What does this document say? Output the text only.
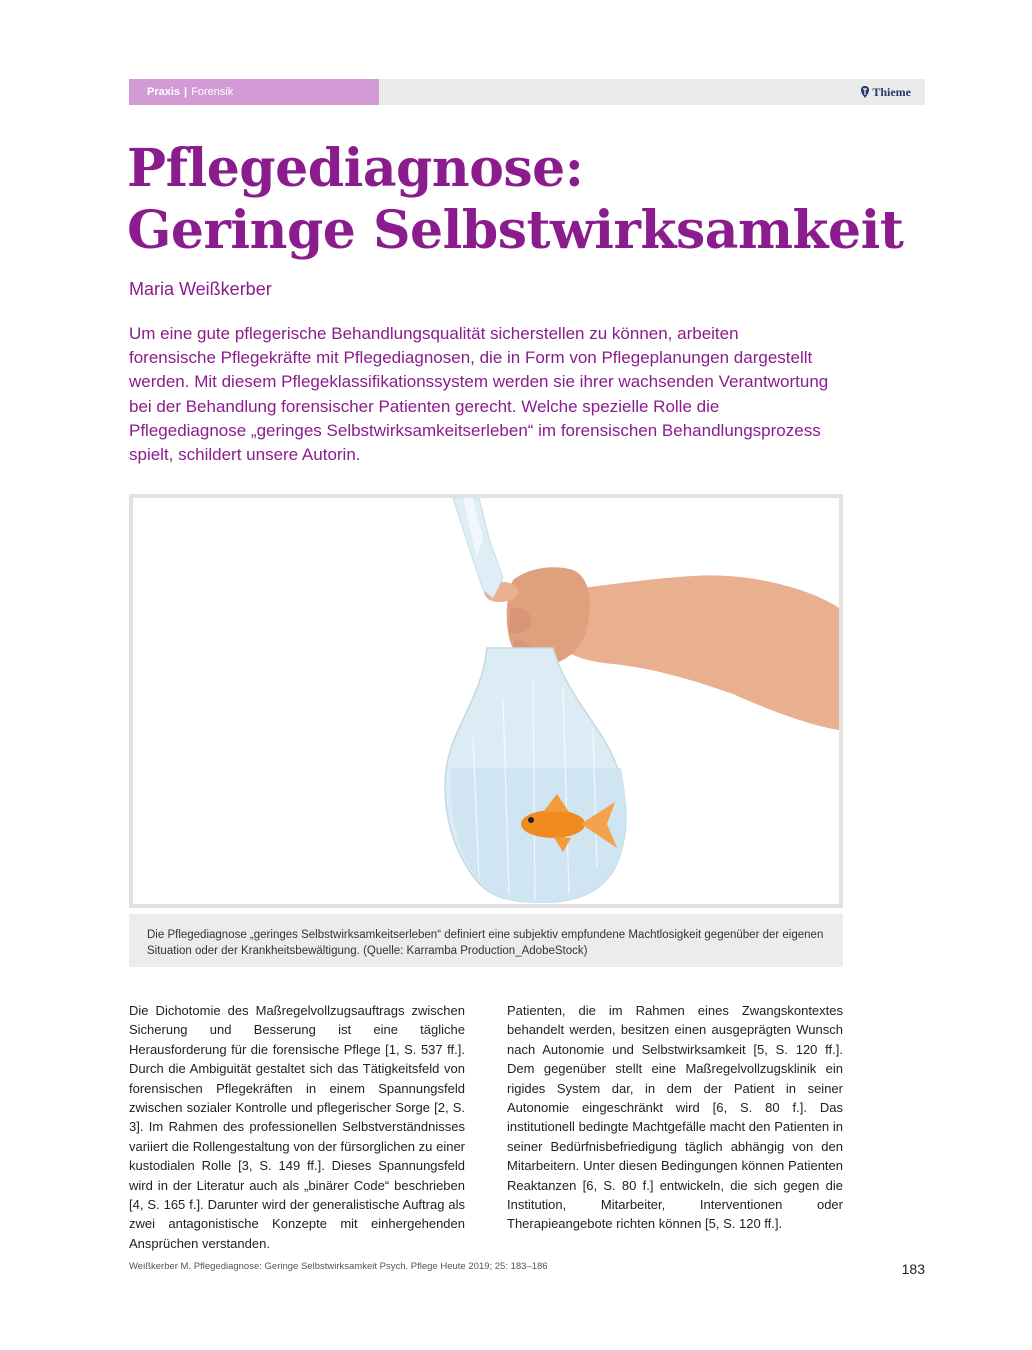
Praxis | Forensik	Thieme
Pflegediagnose:
Geringe Selbstwirksamkeit
Maria Weißkerber

Um eine gute pflegerische Behandlungsqualität sicherstellen zu können, arbeiten forensische Pflegekräfte mit Pflegediagnosen, die in Form von Pflegeplanungen dargestellt werden. Mit diesem Pflegeklassifikationssystem werden sie ihrer wachsenden Verantwortung bei der Behandlung forensischer Patienten gerecht. Welche spezielle Rolle die Pflegediagnose „geringes Selbstwirksamkeitserleben“ im forensischen Behandlungsprozess spielt, schildert unsere Autorin.

Die Pflegediagnose „geringes Selbstwirksamkeitserleben“ definiert eine subjektiv empfundene Machtlosigkeit gegenüber der eigenen Situation oder der Krankheitsbewältigung. (Quelle: Karramba Production_AdobeStock)

Die Dichotomie des Maßregelvollzugsauftrags zwischen Sicherung und Besserung ist eine tägliche Herausforderung für die forensische Pflege [1, S. 537 ff.]. Durch die Ambiguität gestaltet sich das Tätigkeitsfeld von forensischen Pflegekräften in einem Spannungsfeld zwischen sozialer Kontrolle und pflegerischer Sorge [2, S. 3]. Im Rahmen des professionellen Selbstverständnisses variiert die Rollengestaltung von der fürsorglichen zu einer kustodialen Rolle [3, S. 149 ff.]. Dieses Spannungsfeld wird in der Literatur auch als „binärer Code“ beschrieben [4, S. 165 f.]. Darunter wird der generalistische Auftrag als zwei antagonistische Konzepte mit einhergehenden Ansprüchen verstanden.

Patienten, die im Rahmen eines Zwangskontextes behandelt werden, besitzen einen ausgeprägten Wunsch nach Autonomie und Selbstwirksamkeit [5, S. 120 ff.]. Dem gegenüber stellt eine Maßregelvollzugsklinik ein rigides System dar, in dem der Patient in seiner Autonomie eingeschränkt wird [6, S. 80 f.]. Das institutionell bedingte Machtgefälle macht den Patienten in seiner Bedürfnisbefriedigung täglich abhängig von den Mitarbeitern. Unter diesen Bedingungen können Patienten Reaktanzen [6, S. 80 f.] entwickeln, die sich gegen die Institution, Mitarbeiter, Interventionen oder Therapieangebote richten können [5, S. 120 ff.].

Weißkerber M. Pflegediagnose: Geringe Selbstwirksamkeit Psych. Pflege Heute 2019; 25: 183–186	183
